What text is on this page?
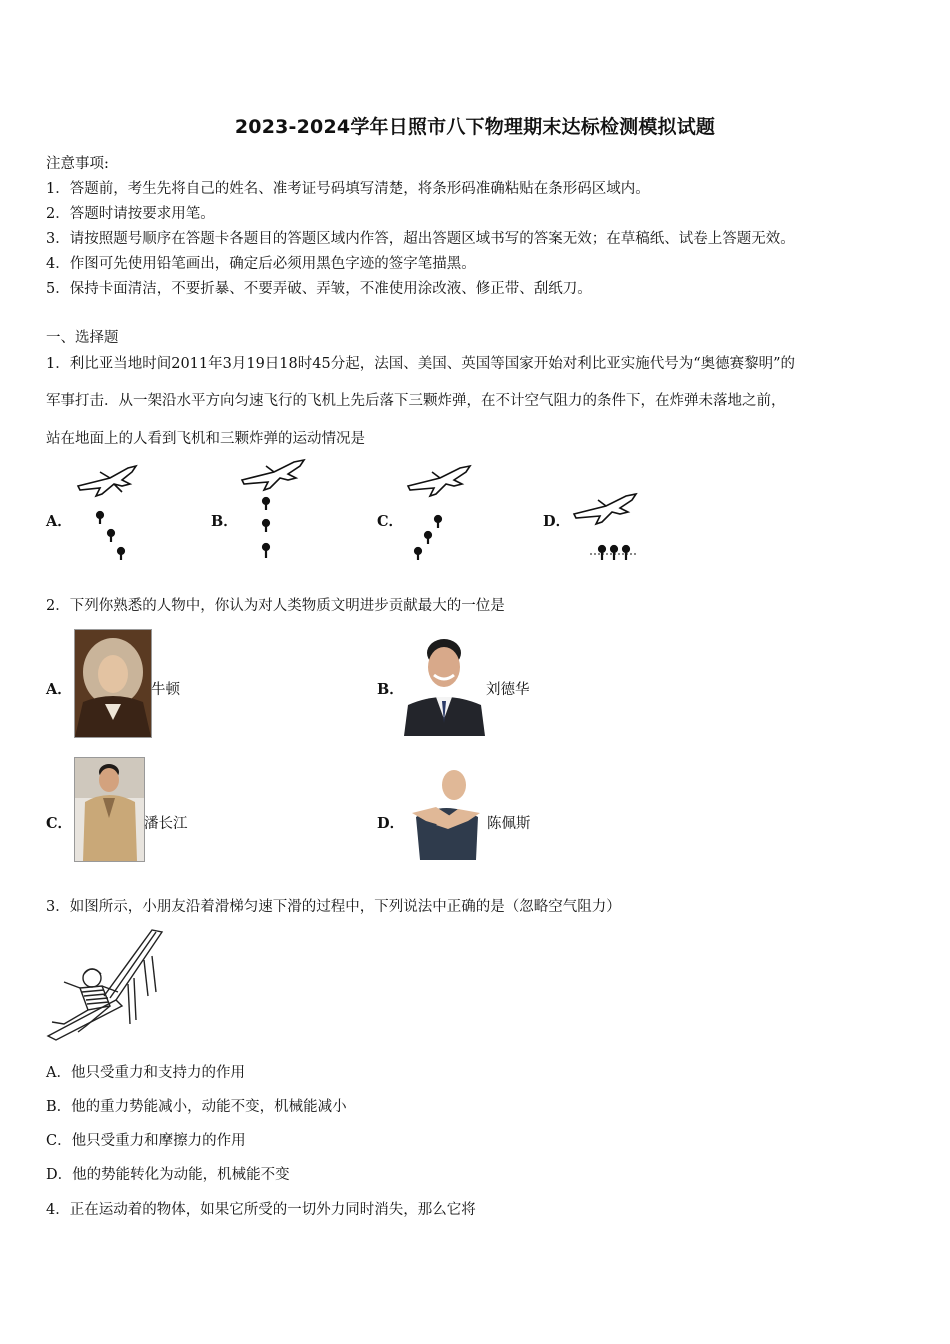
2023-2024学年日照市八下物理期末达标检测模拟试题
注意事项:
1．答题前，考生先将自己的姓名、准考证号码填写清楚，将条形码准确粘贴在条形码区域内。
2．答题时请按要求用笔。
3．请按照题号顺序在答题卡各题目的答题区域内作答，超出答题区域书写的答案无效；在草稿纸、试卷上答题无效。
4．作图可先使用铅笔画出，确定后必须用黑色字迹的签字笔描黑。
5．保持卡面清洁，不要折暴、不要弄破、弄皱，不准使用涂改液、修正带、刮纸刀。
一、选择题
1．利比亚当地时间2011年3月19日18时45分起，法国、美国、英国等国家开始对利比亚实施代号为“奥德赛黎明”的
军事打击．从一架沿水平方向匀速飞行的飞机上先后落下三颗炸弹，在不计空气阻力的条件下，在炸弹未落地之前，
站在地面上的人看到飞机和三颗炸弹的运动情况是
A．	B．	C．	D．
2．下列你熟悉的人物中，你认为对人类物质文明进步贡献最大的一位是
A．	牛顿	B．	刘德华
C．	潘长江	D．	陈佩斯
3．如图所示，小朋友沿着滑梯匀速下滑的过程中，下列说法中正确的是（忽略空气阻力）
A．他只受重力和支持力的作用
B．他的重力势能减小，动能不变，机械能减小
C．他只受重力和摩擦力的作用
D．他的势能转化为动能，机械能不变
4．正在运动着的物体，如果它所受的一切外力同时消失，那么它将
